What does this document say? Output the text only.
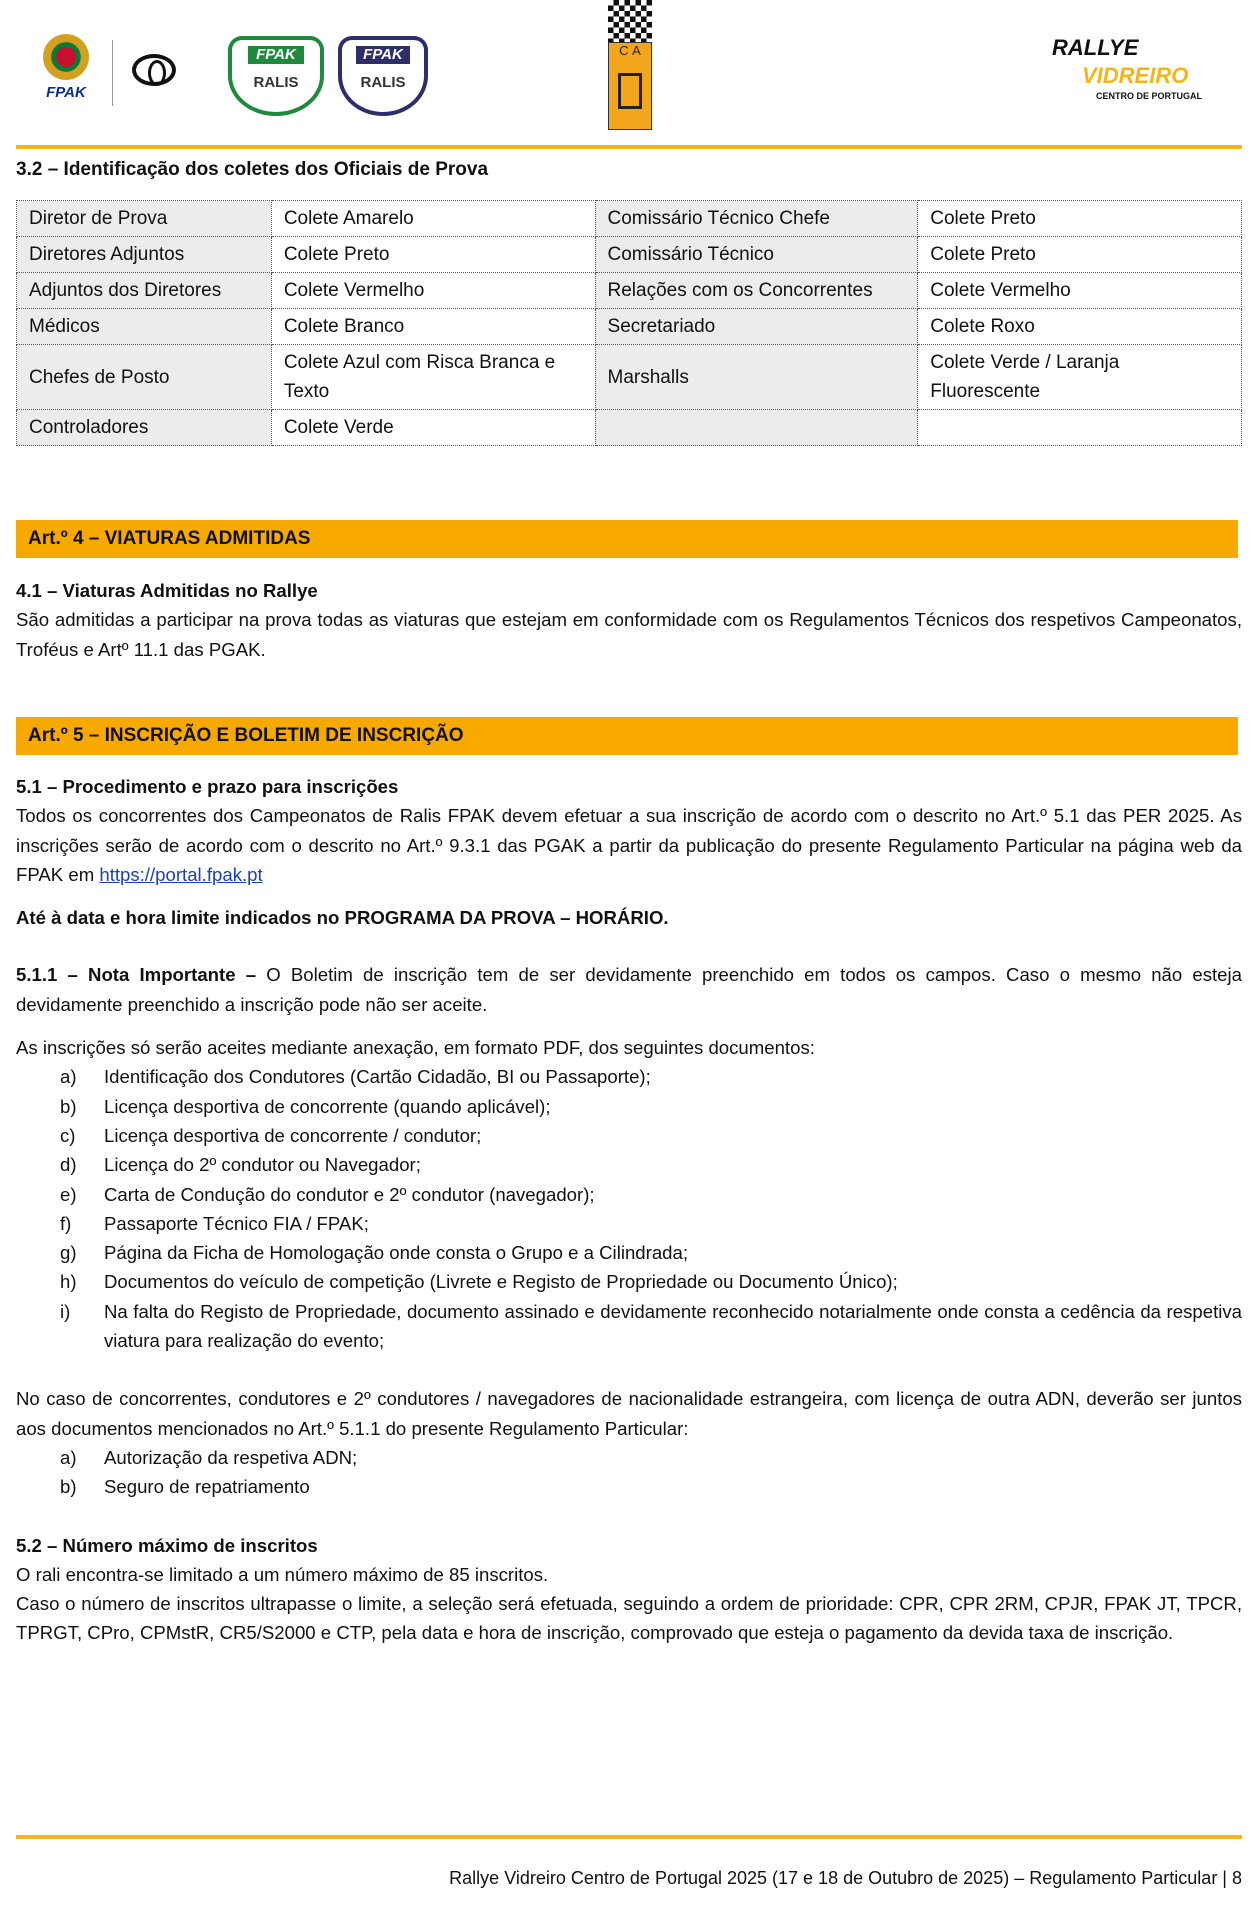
FPAK
FPAK
RALIS
FPAK
RALIS
C A	RALLYE
VIDREIRO
CENTRO DE PORTUGAL
3.2 – Identificação dos coletes dos Oficiais de Prova
Diretor de Prova	Colete Amarelo	Comissário Técnico Chefe	Colete Preto
Diretores Adjuntos	Colete Preto	Comissário Técnico	Colete Preto
Adjuntos dos Diretores	Colete Vermelho	Relações com os Concorrentes	Colete Vermelho
Médicos	Colete Branco	Secretariado	Colete Roxo
Chefes de Posto	Colete Azul com Risca Branca e Texto	Marshalls	Colete Verde / Laranja Fluorescente
Controladores	Colete Verde		
Art.º 4 – VIATURAS ADMITIDAS

4.1 – Viaturas Admitidas no Rallye

São admitidas a participar na prova todas as viaturas que estejam em conformidade com os Regulamentos Técnicos dos respetivos Campeonatos, Troféus e Artº 11.1 das PGAK.

Art.º 5 – INSCRIÇÃO E BOLETIM DE INSCRIÇÃO

5.1 – Procedimento e prazo para inscrições

Todos os concorrentes dos Campeonatos de Ralis FPAK devem efetuar a sua inscrição de acordo com o descrito no Art.º 5.1 das PER 2025. As inscrições serão de acordo com o descrito no Art.º 9.3.1 das PGAK a partir da publicação do presente Regulamento Particular na página web da FPAK em https://portal.fpak.pt

Até à data e hora limite indicados no PROGRAMA DA PROVA – HORÁRIO.

5.1.1 – Nota Importante – O Boletim de inscrição tem de ser devidamente preenchido em todos os campos. Caso o mesmo não esteja devidamente preenchido a inscrição pode não ser aceite.

As inscrições só serão aceites mediante anexação, em formato PDF, dos seguintes documentos:

a)	Identificação dos Condutores (Cartão Cidadão, BI ou Passaporte);
b)	Licença desportiva de concorrente (quando aplicável);
c)	Licença desportiva de concorrente / condutor;
d)	Licença do 2º condutor ou Navegador;
e)	Carta de Condução do condutor e 2º condutor (navegador);
f)	Passaporte Técnico FIA / FPAK;
g)	Página da Ficha de Homologação onde consta o Grupo e a Cilindrada;
h)	Documentos do veículo de competição (Livrete e Registo de Propriedade ou Documento Único);
i)	Na falta do Registo de Propriedade, documento assinado e devidamente reconhecido notarialmente onde consta a cedência da respetiva viatura para realização do evento;

No caso de concorrentes, condutores e 2º condutores / navegadores de nacionalidade estrangeira, com licença de outra ADN, deverão ser juntos aos documentos mencionados no Art.º 5.1.1 do presente Regulamento Particular:

a)	Autorização da respetiva ADN;
b)	Seguro de repatriamento

5.2 – Número máximo de inscritos

O rali encontra-se limitado a um número máximo de 85 inscritos.

Caso o número de inscritos ultrapasse o limite, a seleção será efetuada, seguindo a ordem de prioridade: CPR, CPR 2RM, CPJR, FPAK JT, TPCR, TPRGT, CPro, CPMstR, CR5/S2000 e CTP, pela data e hora de inscrição, comprovado que esteja o pagamento da devida taxa de inscrição.

Rallye Vidreiro Centro de Portugal 2025 (17 e 18 de Outubro de 2025) – Regulamento Particular | 8
